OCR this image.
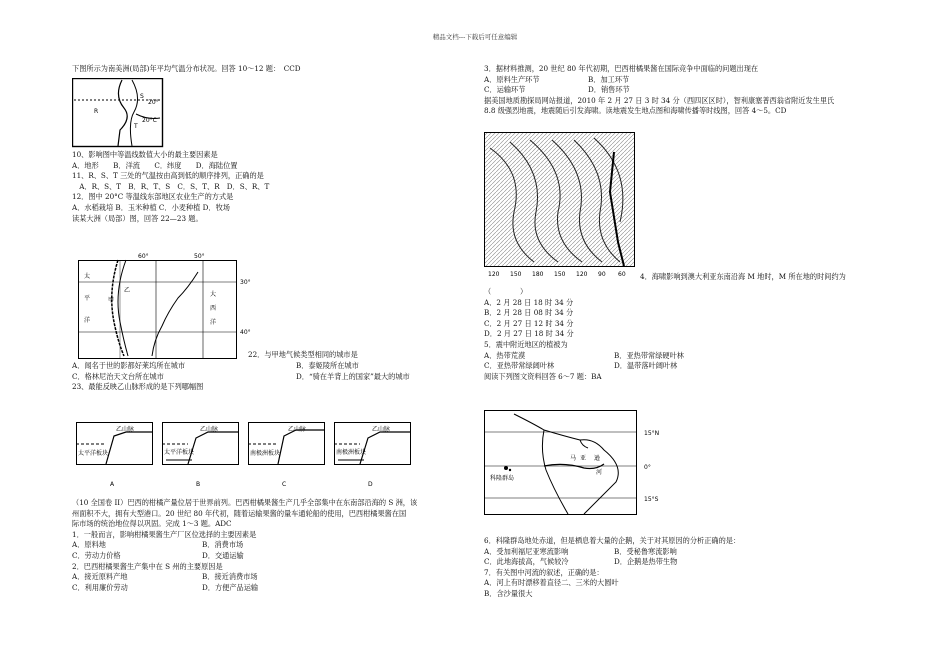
精品文档---下载后可任意编辑

下图所示为南美洲(局部)年平均气温分布状况。回答 10～12 题：　CCD

S
20°
R
T
20°C

10、影响图中等温线数值大小的最主要因素是

A．地形　　B．洋流　　C．纬度　　D．海陆位置

11、R、S、T 三处的气温按由高到低的顺序排列，正确的是

　A．R、S、T　B．R、T、S　C．S、T、R　D．S、R、T

12．图中 20°C 等温线东部地区农业生产的方式是

A．水稻栽培 B．玉米种植 C．小麦种植 D．牧场

读某大洲（局部）图，回答 22—23 题。

60°	50°
30°
40°
太
平
洋
大
西
洋
甲
乙

22．与甲地气候类型相同的城市是

A．闻名于世的影都好莱坞所在城市	B．泰姬陵所在城市

C．格林尼治天文台所在城市	D．“骑在羊背上的国家”最大的城市

23、最能反映乙山脉形成的是下列哪幅图

乙山脉
太平洋板块
A
乙山脉
太平洋板块
B
乙山脉
南极洲板块
C
乙山脉
南极洲板块
D

（10 全国卷 II）巴西的柑橘产量位居于世界前列。巴西柑橘果酱生产几乎全部集中在东南部沿海的 S 洲，该

州面积不大，拥有大型港口。20 世纪 80 年代初，随着运输果酱的量车通轮船的使用，巴西柑橘果酱在国

际市场的统治地位得以巩固。完成 1～3 题。ADC

1．一般而言，影响柑橘果酱生产厂区位选择的主要因素是

A．原料地	B．消费市场

C．劳动力价格	D．交通运输

2．巴西柑橘果酱生产集中在 S 州的主要原因是

A．接近原料产地	B．接近消费市场

C．利用廉价劳动	D．方便产品运输

3．据材料推测，20 世纪 80 年代初期，巴西柑橘果酱在国际竞争中面临的问题出现在

A．原料生产环节	B．加工环节

C．运输环节	D．销售环节

据美国地质勘探局网站报道，2010 年 2 月 27 日 3 时 34 分（西四区区时），智利康塞普西翁省附近发生里氏

8.8 级强烈地震，地震随后引发海啸。读地震发生地点图和海啸传播等时线图，回答 4～5。CD

120 150 180 150 120 90 60 4．海啸影响到澳大利亚东南沿海 M 地时，M 所在地的时间约为

（　　　　）

A．2 月 28 日 18 时 34 分

B．2 月 28 日 08 时 34 分

C．2 月 27 日 12 时 34 分

D．2 月 27 日 18 时 34 分

5．震中附近地区的植被为

A．热带荒漠	B．亚热带常绿硬叶林

C．亚热带常绿阔叶林	D．温带落叶阔叶林

阅读下列图文资料回答 6～7 题：BA

15°N
0°
15°S
科隆群岛
马 亚 逊
河

6．科隆群岛地处赤道，但是栖息着大量的企鹅，关于对其原因的分析正确的是：

A．受加利福尼亚寒流影响	B．受秘鲁寒流影响

C．此地海拔高，气候较冷	D．企鹅是热带生物

7．有关图中河流的叙述，正确的是：

A．河上有时漂移着直径二、三米的大圆叶

B．含沙量很大
